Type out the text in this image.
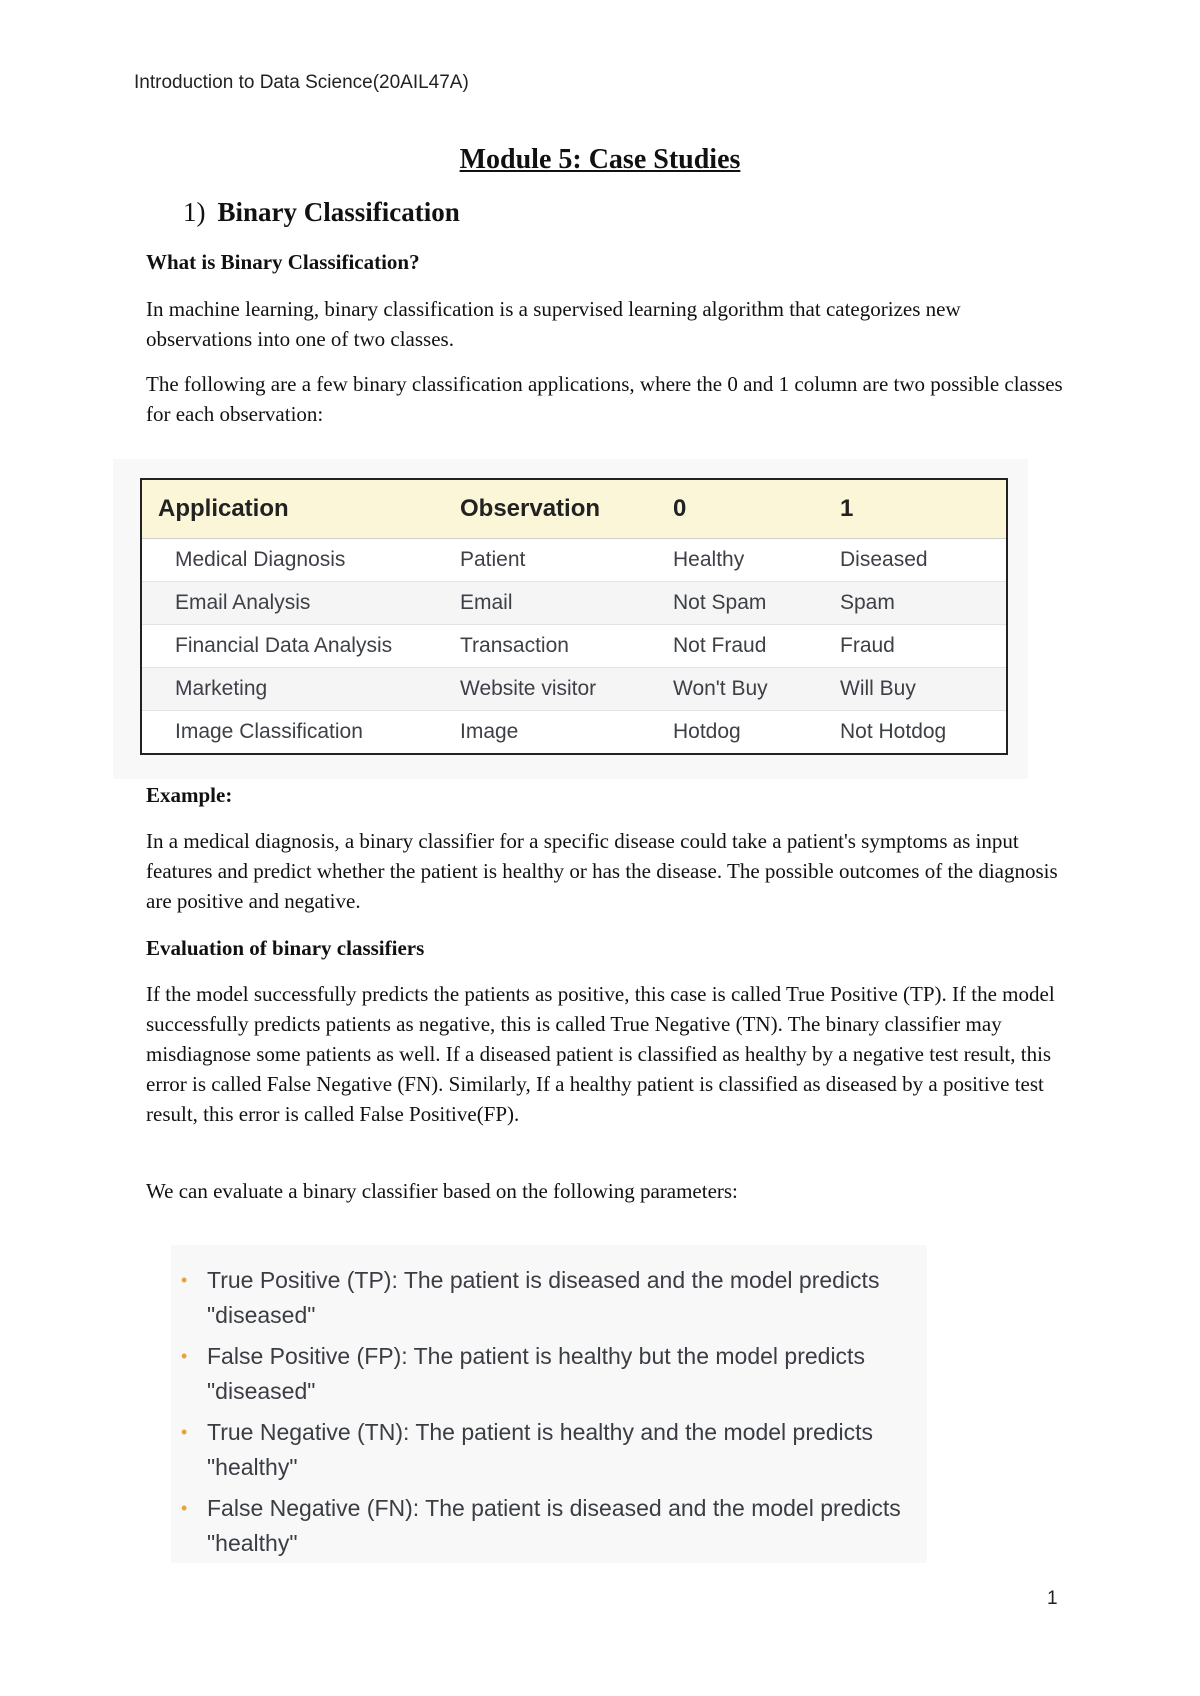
Introduction to Data Science(20AIL47A)
Module 5: Case Studies
1) Binary Classification
What is Binary Classification?
In machine learning, binary classification is a supervised learning algorithm that categorizes new observations into one of two classes.
The following are a few binary classification applications, where the 0 and 1 column are two possible classes for each observation:
Application	Observation	0	1
Medical Diagnosis	Patient	Healthy	Diseased
Email Analysis	Email	Not Spam	Spam
Financial Data Analysis	Transaction	Not Fraud	Fraud
Marketing	Website visitor	Won't Buy	Will Buy
Image Classification	Image	Hotdog	Not Hotdog
Example:
In a medical diagnosis, a binary classifier for a specific disease could take a patient's symptoms as input features and predict whether the patient is healthy or has the disease. The possible outcomes of the diagnosis are positive and negative.
Evaluation of binary classifiers
If the model successfully predicts the patients as positive, this case is called True Positive (TP). If the model successfully predicts patients as negative, this is called True Negative (TN). The binary classifier may misdiagnose some patients as well. If a diseased patient is classified as healthy by a negative test result, this error is called False Negative (FN). Similarly, If a healthy patient is classified as diseased by a positive test result, this error is called False Positive(FP).
We can evaluate a binary classifier based on the following parameters:
• True Positive (TP): The patient is diseased and the model predicts "diseased"
• False Positive (FP): The patient is healthy but the model predicts "diseased"
• True Negative (TN): The patient is healthy and the model predicts "healthy"
• False Negative (FN): The patient is diseased and the model predicts "healthy"
1
